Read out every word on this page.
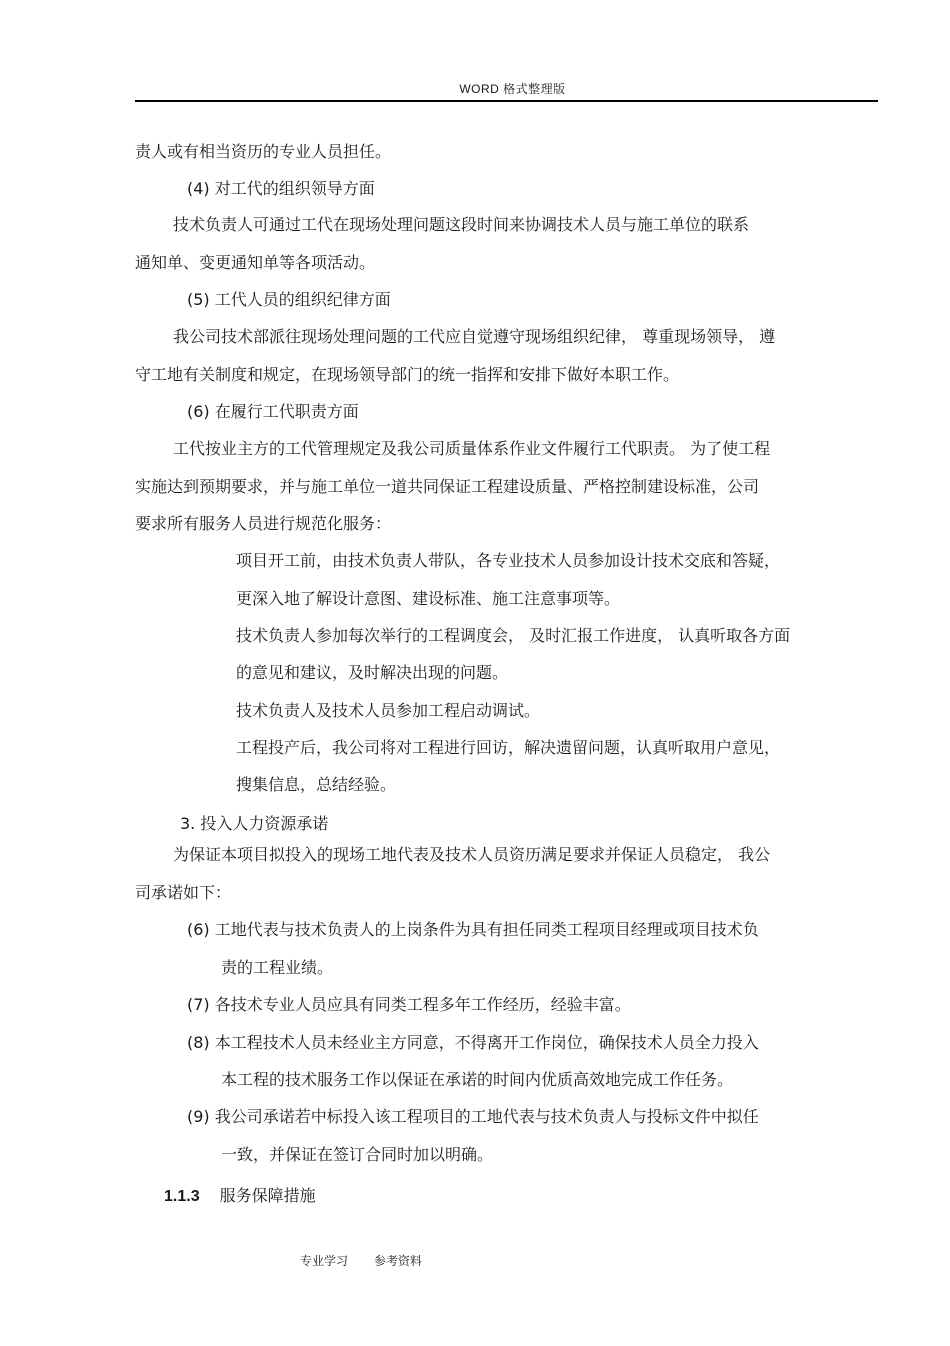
WORD 格式整理版
责人或有相当资历的专业人员担任。
(4) 对工代的组织领导方面
技术负责人可通过工代在现场处理问题这段时间来协调技术人员与施工单位的联系
通知单、变更通知单等各项活动。
(5) 工代人员的组织纪律方面
我公司技术部派往现场处理问题的工代应自觉遵守现场组织纪律， 尊重现场领导， 遵
守工地有关制度和规定，在现场领导部门的统一指挥和安排下做好本职工作。
(6) 在履行工代职责方面
工代按业主方的工代管理规定及我公司质量体系作业文件履行工代职责。 为了使工程
实施达到预期要求，并与施工单位一道共同保证工程建设质量、严格控制建设标准，公司
要求所有服务人员进行规范化服务：
项目开工前，由技术负责人带队，各专业技术人员参加设计技术交底和答疑，
更深入地了解设计意图、建设标准、施工注意事项等。
技术负责人参加每次举行的工程调度会， 及时汇报工作进度， 认真听取各方面
的意见和建议，及时解决出现的问题。
技术负责人及技术人员参加工程启动调试。
工程投产后，我公司将对工程进行回访，解决遗留问题，认真听取用户意见，
搜集信息，总结经验。
3. 投入人力资源承诺
为保证本项目拟投入的现场工地代表及技术人员资历满足要求并保证人员稳定， 我公
司承诺如下：
(6) 工地代表与技术负责人的上岗条件为具有担任同类工程项目经理或项目技术负
责的工程业绩。
(7) 各技术专业人员应具有同类工程多年工作经历，经验丰富。
(8) 本工程技术人员未经业主方同意，不得离开工作岗位，确保技术人员全力投入
本工程的技术服务工作以保证在承诺的时间内优质高效地完成工作任务。
(9) 我公司承诺若中标投入该工程项目的工地代表与技术负责人与投标文件中拟任
一致，并保证在签订合同时加以明确。
1.1.3 服务保障措施
专业学习 参考资料
